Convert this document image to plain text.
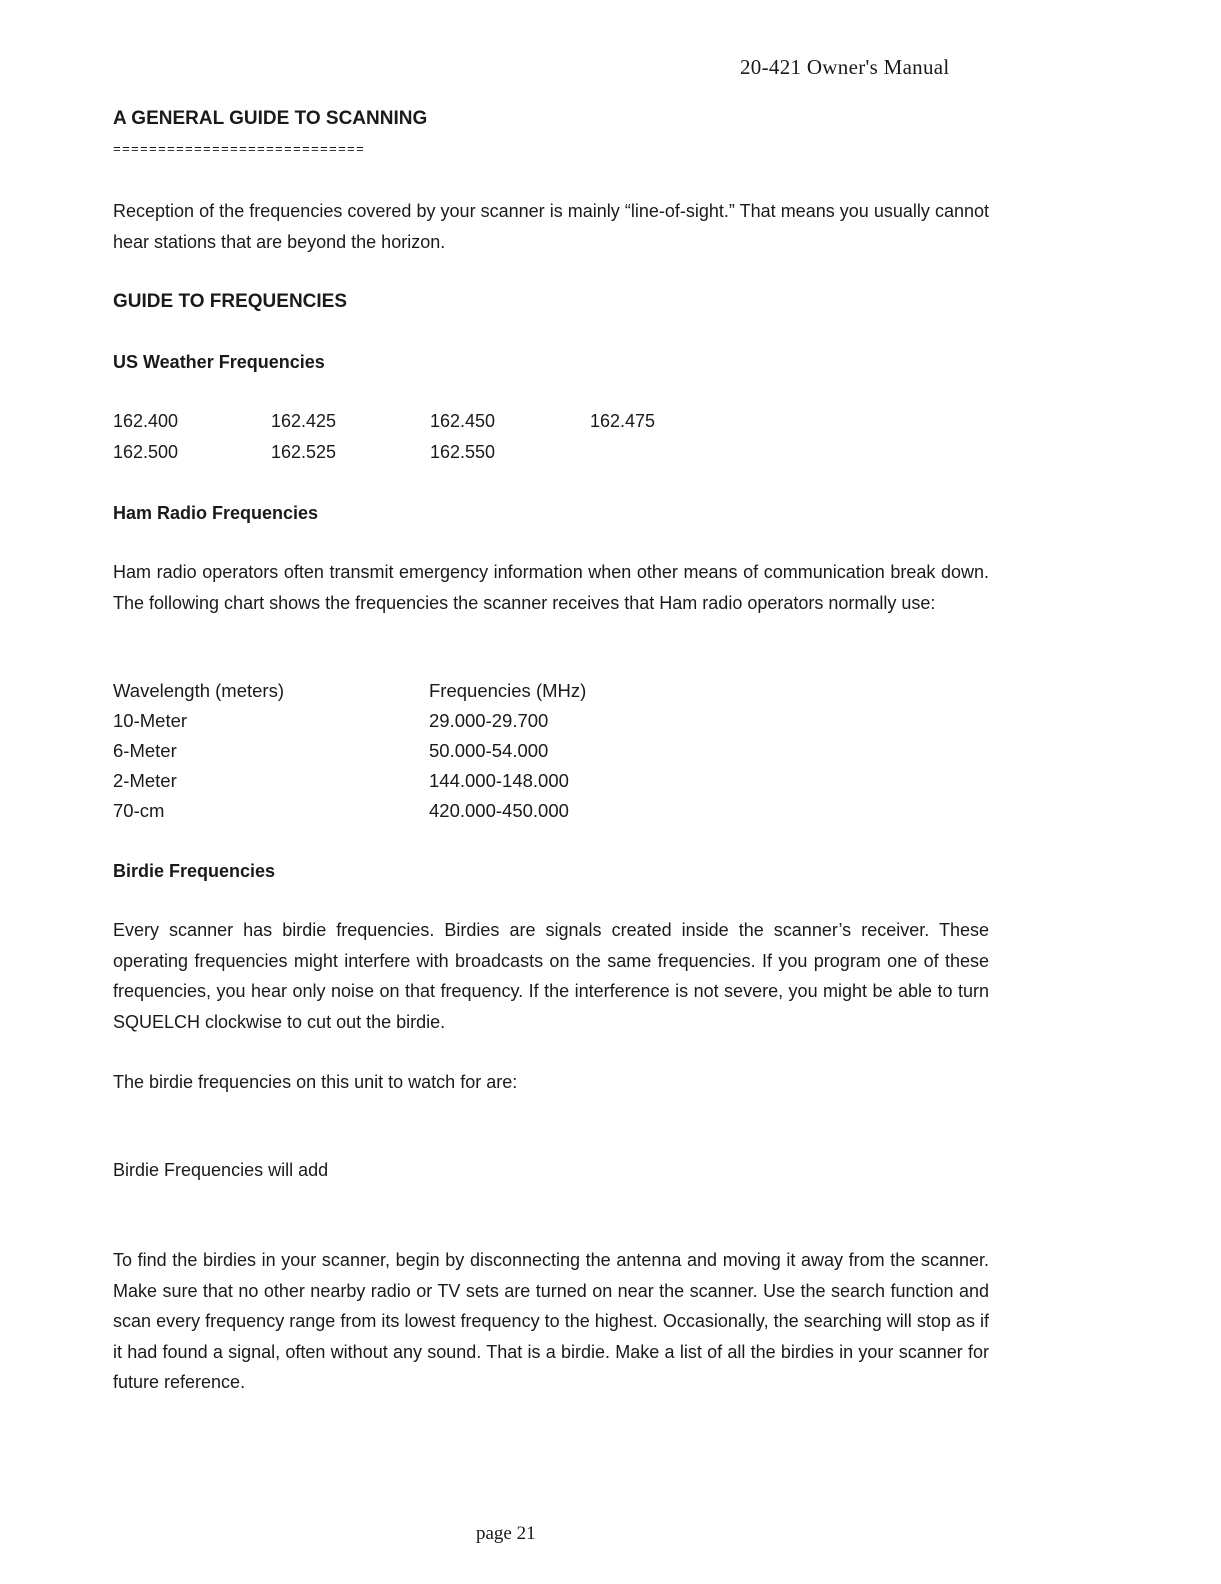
20-421 Owner's Manual
A GENERAL GUIDE TO SCANNING
============================
Reception of the frequencies covered by your scanner is mainly “line-of-sight.” That means you usually cannot hear stations that are beyond the horizon.
GUIDE TO FREQUENCIES
US Weather Frequencies
162.400	162.425	162.450	162.475
162.500	162.525	162.550
Ham Radio Frequencies
Ham radio operators often transmit emergency information when other means of communication break down. The following chart shows the frequencies the scanner receives that Ham radio operators normally use:
Wavelength (meters)	Frequencies (MHz)
10-Meter	29.000-29.700
6-Meter	50.000-54.000
2-Meter	144.000-148.000
70-cm	420.000-450.000
Birdie Frequencies
Every scanner has birdie frequencies. Birdies are signals created inside the scanner’s receiver. These operating frequencies might interfere with broadcasts on the same frequencies. If you program one of these frequencies, you hear only noise on that frequency. If the interference is not severe, you might be able to turn SQUELCH clockwise to cut out the birdie.
The birdie frequencies on this unit to watch for are:
Birdie Frequencies will add
To find the birdies in your scanner, begin by disconnecting the antenna and moving it away from the scanner. Make sure that no other nearby radio or TV sets are turned on near the scanner. Use the search function and scan every frequency range from its lowest frequency to the highest. Occasionally, the searching will stop as if it had found a signal, often without any sound. That is a birdie. Make a list of all the birdies in your scanner for future reference.
page 21
